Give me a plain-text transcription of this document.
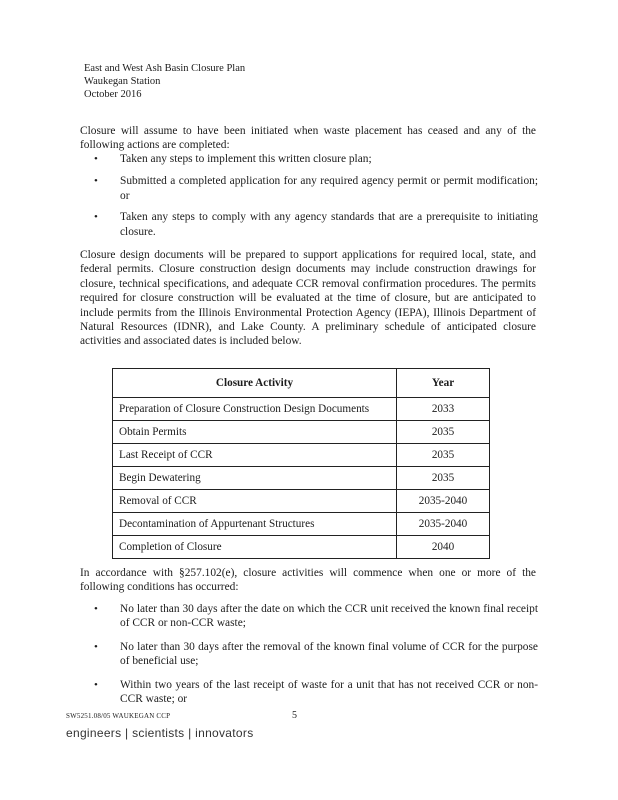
East and West Ash Basin Closure Plan
Waukegan Station
October 2016

Closure will assume to have been initiated when waste placement has ceased and any of the following actions are completed:

• Taken any steps to implement this written closure plan;
• Submitted a completed application for any required agency permit or permit modification; or
• Taken any steps to comply with any agency standards that are a prerequisite to initiating closure.

Closure design documents will be prepared to support applications for required local, state, and federal permits. Closure construction design documents may include construction drawings for closure, technical specifications, and adequate CCR removal confirmation procedures. The permits required for closure construction will be evaluated at the time of closure, but are anticipated to include permits from the Illinois Environmental Protection Agency (IEPA), Illinois Department of Natural Resources (IDNR), and Lake County. A preliminary schedule of anticipated closure activities and associated dates is included below.

Closure Activity	Year
Preparation of Closure Construction Design Documents	2033
Obtain Permits	2035
Last Receipt of CCR	2035
Begin Dewatering	2035
Removal of CCR	2035-2040
Decontamination of Appurtenant Structures	2035-2040
Completion of Closure	2040

In accordance with §257.102(e), closure activities will commence when one or more of the following conditions has occurred:

• No later than 30 days after the date on which the CCR unit received the known final receipt of CCR or non-CCR waste;
• No later than 30 days after the removal of the known final volume of CCR for the purpose of beneficial use;
• Within two years of the last receipt of waste for a unit that has not received CCR or non-CCR waste; or
SW5251.08/05 WAUKEGAN CCP	5
engineers | scientists | innovators
